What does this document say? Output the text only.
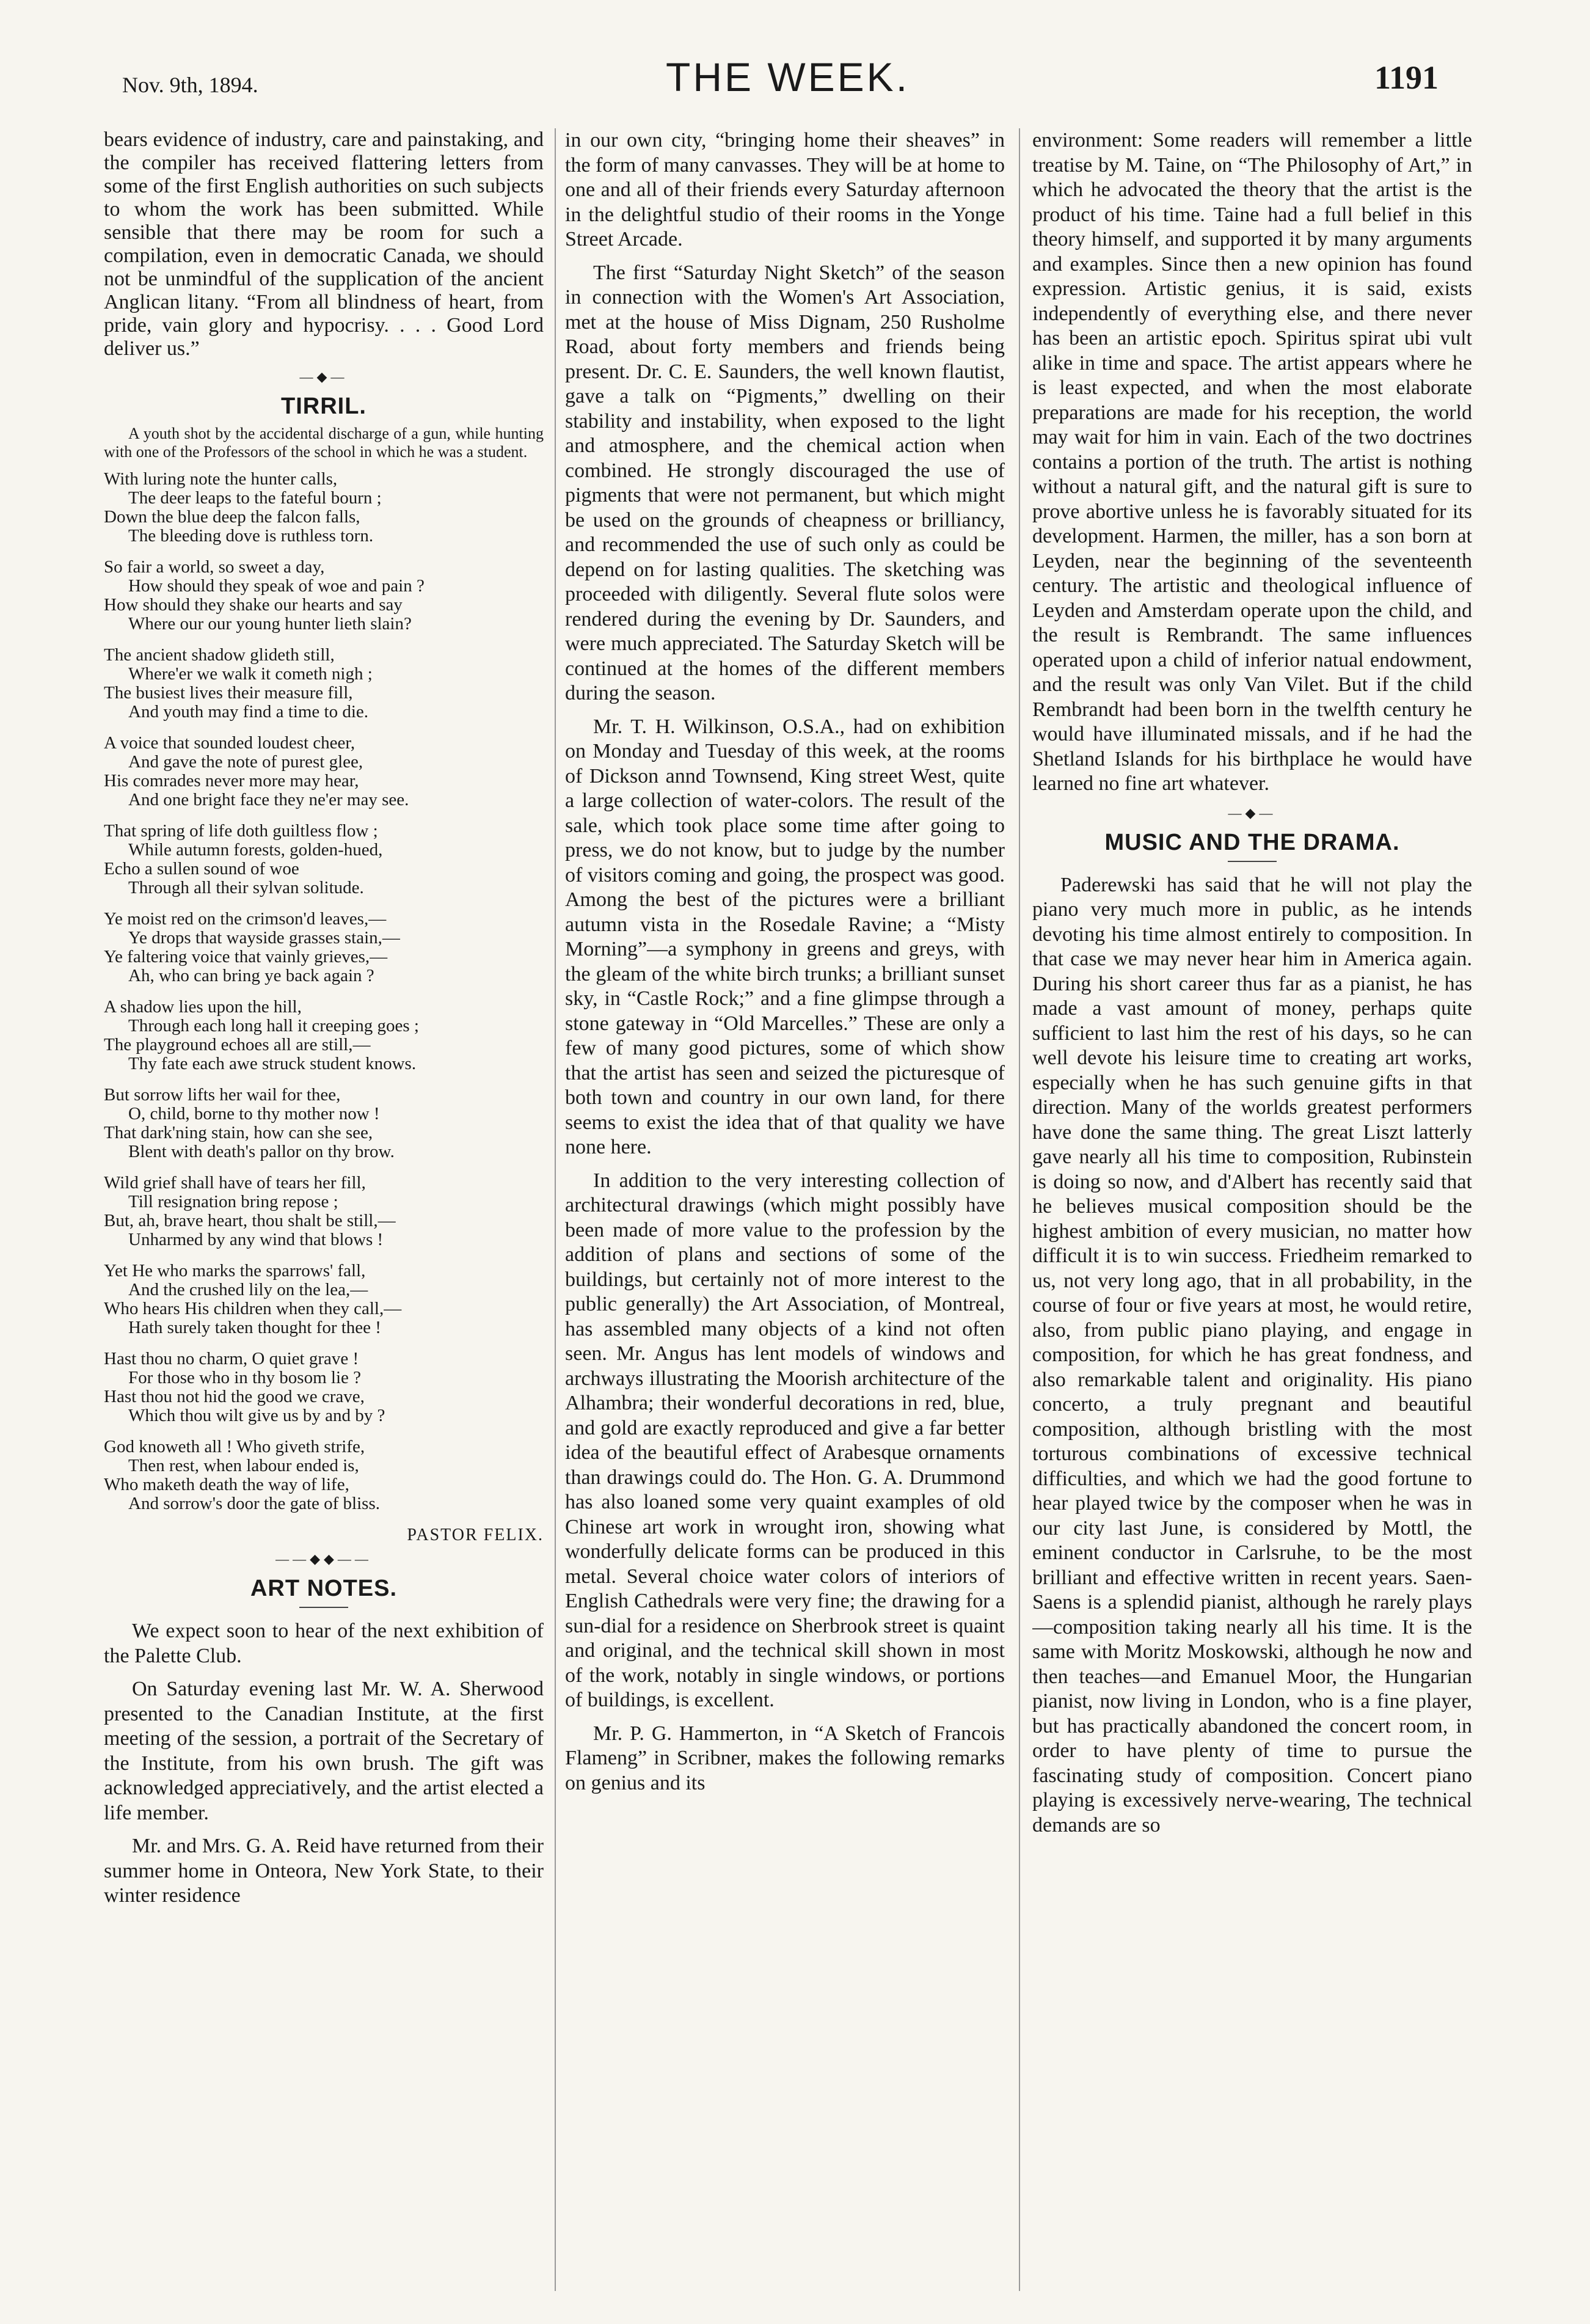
Nov. 9th, 1894.	THE WEEK.	1191

bears evidence of industry, care and painstaking, and the compiler has received flattering letters from some of the first English authorities on such subjects to whom the work has been submitted. While sensible that there may be room for such a compilation, even in democratic Canada, we should not be unmindful of the supplication of the ancient Anglican litany. “From all blindness of heart, from pride, vain glory and hypocrisy. . . . Good Lord deliver us.”

—◆—
TIRRIL.
A youth shot by the accidental discharge of a gun, while hunting with one of the Professors of the school in which he was a student.
With luring note the hunter calls,
The deer leaps to the fateful bourn ;
Down the blue deep the falcon falls,
The bleeding dove is ruthless torn.
So fair a world, so sweet a day,
How should they speak of woe and pain ?
How should they shake our hearts and say
Where our our young hunter lieth slain?
The ancient shadow glideth still,
Where'er we walk it cometh nigh ;
The busiest lives their measure fill,
And youth may find a time to die.
A voice that sounded loudest cheer,
And gave the note of purest glee,
His comrades never more may hear,
And one bright face they ne'er may see.
That spring of life doth guiltless flow ;
While autumn forests, golden-hued,
Echo a sullen sound of woe
Through all their sylvan solitude.
Ye moist red on the crimson'd leaves,—
Ye drops that wayside grasses stain,—
Ye faltering voice that vainly grieves,—
Ah, who can bring ye back again ?
A shadow lies upon the hill,
Through each long hall it creeping goes ;
The playground echoes all are still,—
Thy fate each awe struck student knows.
But sorrow lifts her wail for thee,
O, child, borne to thy mother now !
That dark'ning stain, how can she see,
Blent with death's pallor on thy brow.
Wild grief shall have of tears her fill,
Till resignation bring repose ;
But, ah, brave heart, thou shalt be still,—
Unharmed by any wind that blows !
Yet He who marks the sparrows' fall,
And the crushed lily on the lea,—
Who hears His children when they call,—
Hath surely taken thought for thee !
Hast thou no charm, O quiet grave !
For those who in thy bosom lie ?
Hast thou not hid the good we crave,
Which thou wilt give us by and by ?
God knoweth all ! Who giveth strife,
Then rest, when labour ended is,
Who maketh death the way of life,
And sorrow's door the gate of bliss.
PASTOR FELIX.
——◆◆——
ART NOTES.

We expect soon to hear of the next exhibition of the Palette Club.

On Saturday evening last Mr. W. A. Sherwood presented to the Canadian Institute, at the first meeting of the session, a portrait of the Secretary of the Institute, from his own brush. The gift was acknowledged appreciatively, and the artist elected a life member.

Mr. and Mrs. G. A. Reid have returned from their summer home in Onteora, New York State, to their winter residence

in our own city, “bringing home their sheaves” in the form of many canvasses. They will be at home to one and all of their friends every Saturday afternoon in the delightful studio of their rooms in the Yonge Street Arcade.

The first “Saturday Night Sketch” of the season in connection with the Women's Art Association, met at the house of Miss Dignam, 250 Rusholme Road, about forty members and friends being present. Dr. C. E. Saunders, the well known flautist, gave a talk on “Pigments,” dwelling on their stability and instability, when exposed to the light and atmosphere, and the chemical action when combined. He strongly discouraged the use of pigments that were not permanent, but which might be used on the grounds of cheapness or brilliancy, and recommended the use of such only as could be depend on for lasting qualities. The sketching was proceeded with diligently. Several flute solos were rendered during the evening by Dr. Saunders, and were much appreciated. The Saturday Sketch will be continued at the homes of the different members during the season.

Mr. T. H. Wilkinson, O.S.A., had on exhibition on Monday and Tuesday of this week, at the rooms of Dickson annd Townsend, King street West, quite a large collection of water-colors. The result of the sale, which took place some time after going to press, we do not know, but to judge by the number of visitors coming and going, the prospect was good. Among the best of the pictures were a brilliant autumn vista in the Rosedale Ravine; a “Misty Morning”—a symphony in greens and greys, with the gleam of the white birch trunks; a brilliant sunset sky, in “Castle Rock;” and a fine glimpse through a stone gateway in “Old Marcelles.” These are only a few of many good pictures, some of which show that the artist has seen and seized the picturesque of both town and country in our own land, for there seems to exist the idea that of that quality we have none here.

In addition to the very interesting collection of architectural drawings (which might possibly have been made of more value to the profession by the addition of plans and sections of some of the buildings, but certainly not of more interest to the public generally) the Art Association, of Montreal, has assembled many objects of a kind not often seen. Mr. Angus has lent models of windows and archways illustrating the Moorish architecture of the Alhambra; their wonderful decorations in red, blue, and gold are exactly reproduced and give a far better idea of the beautiful effect of Arabesque ornaments than drawings could do. The Hon. G. A. Drummond has also loaned some very quaint examples of old Chinese art work in wrought iron, showing what wonderfully delicate forms can be produced in this metal. Several choice water colors of interiors of English Cathedrals were very fine; the drawing for a sun-dial for a residence on Sherbrook street is quaint and original, and the technical skill shown in most of the work, notably in single windows, or portions of buildings, is excellent.

Mr. P. G. Hammerton, in “A Sketch of Francois Flameng” in Scribner, makes the following remarks on genius and its

environment: Some readers will remember a little treatise by M. Taine, on “The Philosophy of Art,” in which he advocated the theory that the artist is the product of his time. Taine had a full belief in this theory himself, and supported it by many arguments and examples. Since then a new opinion has found expression. Artistic genius, it is said, exists independently of everything else, and there never has been an artistic epoch. Spiritus spirat ubi vult alike in time and space. The artist appears where he is least expected, and when the most elaborate preparations are made for his reception, the world may wait for him in vain. Each of the two doctrines contains a portion of the truth. The artist is nothing without a natural gift, and the natural gift is sure to prove abortive unless he is favorably situated for its development. Harmen, the miller, has a son born at Leyden, near the beginning of the seventeenth century. The artistic and theological influence of Leyden and Amsterdam operate upon the child, and the result is Rembrandt. The same influences operated upon a child of inferior natual endowment, and the result was only Van Vilet. But if the child Rembrandt had been born in the twelfth century he would have illuminated missals, and if he had the Shetland Islands for his birthplace he would have learned no fine art whatever.

—◆—
MUSIC AND THE DRAMA.

Paderewski has said that he will not play the piano very much more in public, as he intends devoting his time almost entirely to composition. In that case we may never hear him in America again. During his short career thus far as a pianist, he has made a vast amount of money, perhaps quite sufficient to last him the rest of his days, so he can well devote his leisure time to creating art works, especially when he has such genuine gifts in that direction. Many of the worlds greatest performers have done the same thing. The great Liszt latterly gave nearly all his time to composition, Rubinstein is doing so now, and d'Albert has recently said that he believes musical composition should be the highest ambition of every musician, no matter how difficult it is to win success. Friedheim remarked to us, not very long ago, that in all probability, in the course of four or five years at most, he would retire, also, from public piano playing, and engage in composition, for which he has great fondness, and also remarkable talent and originality. His piano concerto, a truly pregnant and beautiful composition, although bristling with the most torturous combinations of excessive technical difficulties, and which we had the good fortune to hear played twice by the composer when he was in our city last June, is considered by Mottl, the eminent conductor in Carlsruhe, to be the most brilliant and effective written in recent years. Saen-Saens is a splendid pianist, although he rarely plays—composition taking nearly all his time. It is the same with Moritz Moskowski, although he now and then teaches—and Emanuel Moor, the Hungarian pianist, now living in London, who is a fine player, but has practically abandoned the concert room, in order to have plenty of time to pursue the fascinating study of composition. Concert piano playing is excessively nerve-wearing, The technical demands are so
